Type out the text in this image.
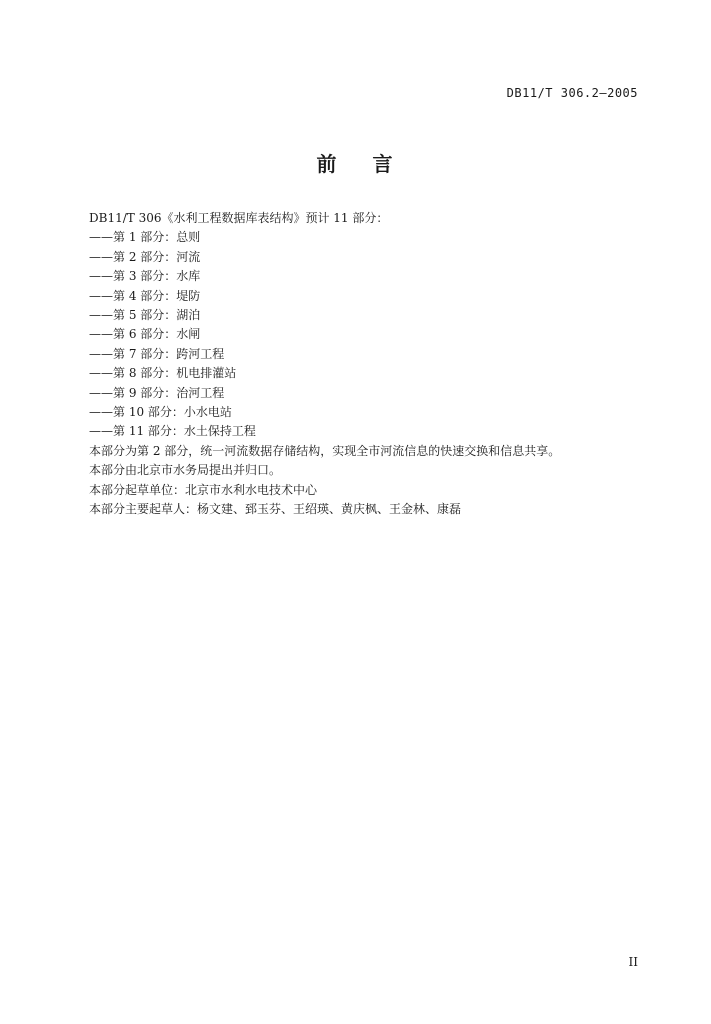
DB11/T 306.2—2005
前 言
DB11/T 306《水利工程数据库表结构》预计 11 部分：
——第 1 部分：总则
——第 2 部分：河流
——第 3 部分：水库
——第 4 部分：堤防
——第 5 部分：湖泊
——第 6 部分：水闸
——第 7 部分：跨河工程
——第 8 部分：机电排灌站
——第 9 部分：治河工程
——第 10 部分：小水电站
——第 11 部分：水土保持工程
本部分为第 2 部分，统一河流数据存储结构，实现全市河流信息的快速交换和信息共享。
本部分由北京市水务局提出并归口。
本部分起草单位：北京市水利水电技术中心
本部分主要起草人：杨文建、郅玉芬、王绍瑛、黄庆枫、王金林、康磊
II
